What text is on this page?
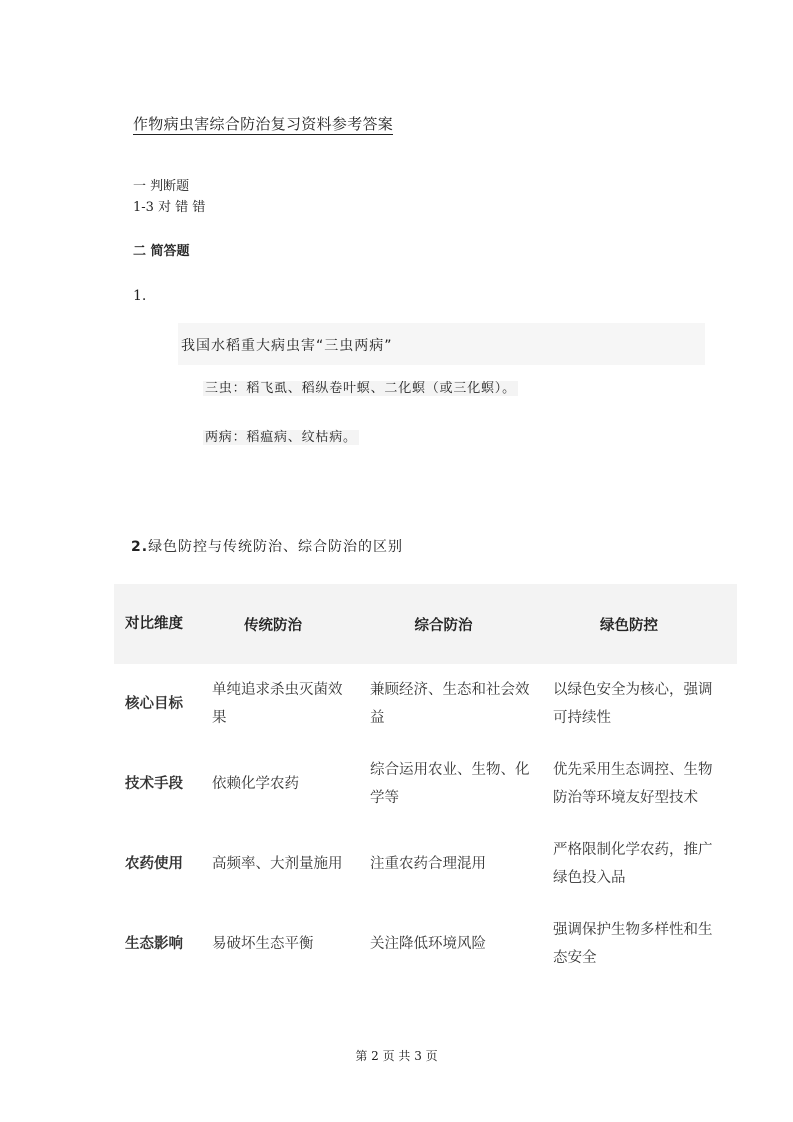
作物病虫害综合防治复习资料参考答案
一 判断题
1-3 对 错 错
二 简答题
1.
我国水稻重大病虫害“三虫两病”
三虫：稻飞虱、稻纵卷叶螟、二化螟（或三化螟）。
两病：稻瘟病、纹枯病。
2.绿色防控与传统防治、综合防治的区别
对比维度	传统防治	综合防治	绿色防控
核心目标	单纯追求杀虫灭菌效果	兼顾经济、生态和社会效益	以绿色安全为核心，强调可持续性
技术手段	依赖化学农药	综合运用农业、生物、化学等	优先采用生态调控、生物防治等环境友好型技术
农药使用	高频率、大剂量施用	注重农药合理混用	严格限制化学农药，推广绿色投入品
生态影响	易破坏生态平衡	关注降低环境风险	强调保护生物多样性和生态安全
第 2 页 共 3 页
